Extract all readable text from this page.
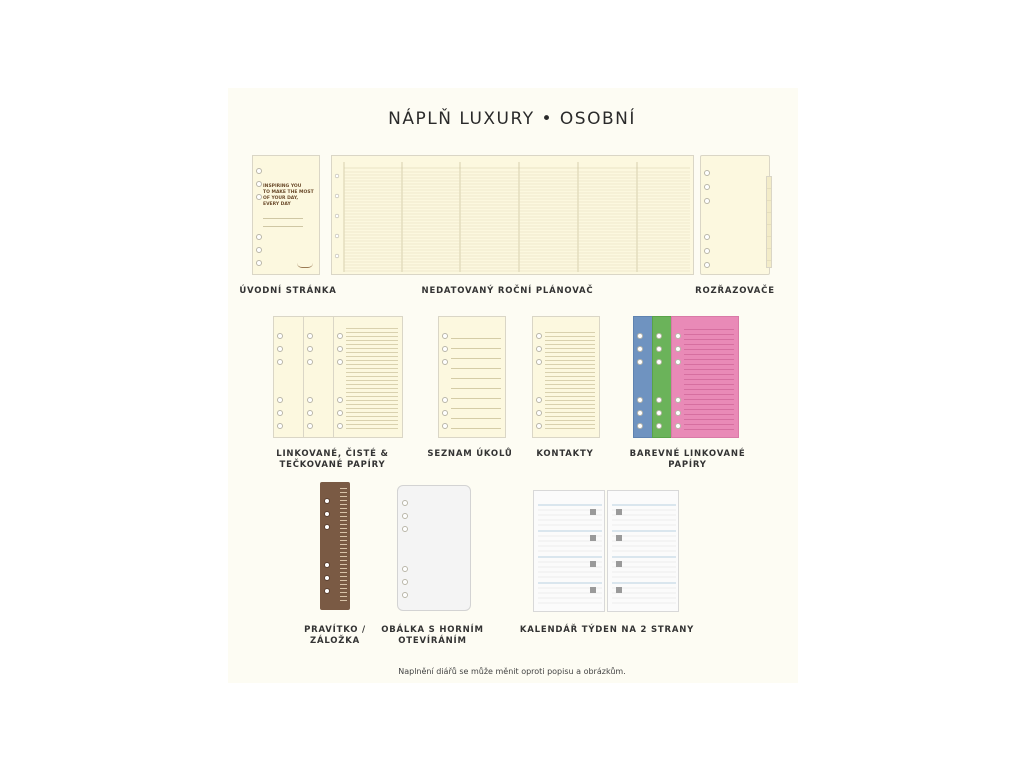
NÁPLŇ LUXURY • OSOBNÍ
INSPIRING YOU
TO MAKE THE MOST
OF YOUR DAY,
EVERY DAY
ÚVODNÍ STRÁNKA	NEDATOVANÝ ROČNÍ PLÁNOVAČ	ROZŘAZOVAČE
LINKOVANÉ, ČISTÉ &
TEČKOVANÉ PAPÍRY
SEZNAM ÚKOLŮ	KONTAKTY	BAREVNÉ LINKOVANÉ
PAPÍRY
PRAVÍTKO /
ZÁLOŽKA
OBÁLKA S HORNÍM
OTEVÍRÁNÍM
KALENDÁŘ TÝDEN NA 2 STRANY
Naplnění diářů se může měnit oproti popisu a obrázkům.
